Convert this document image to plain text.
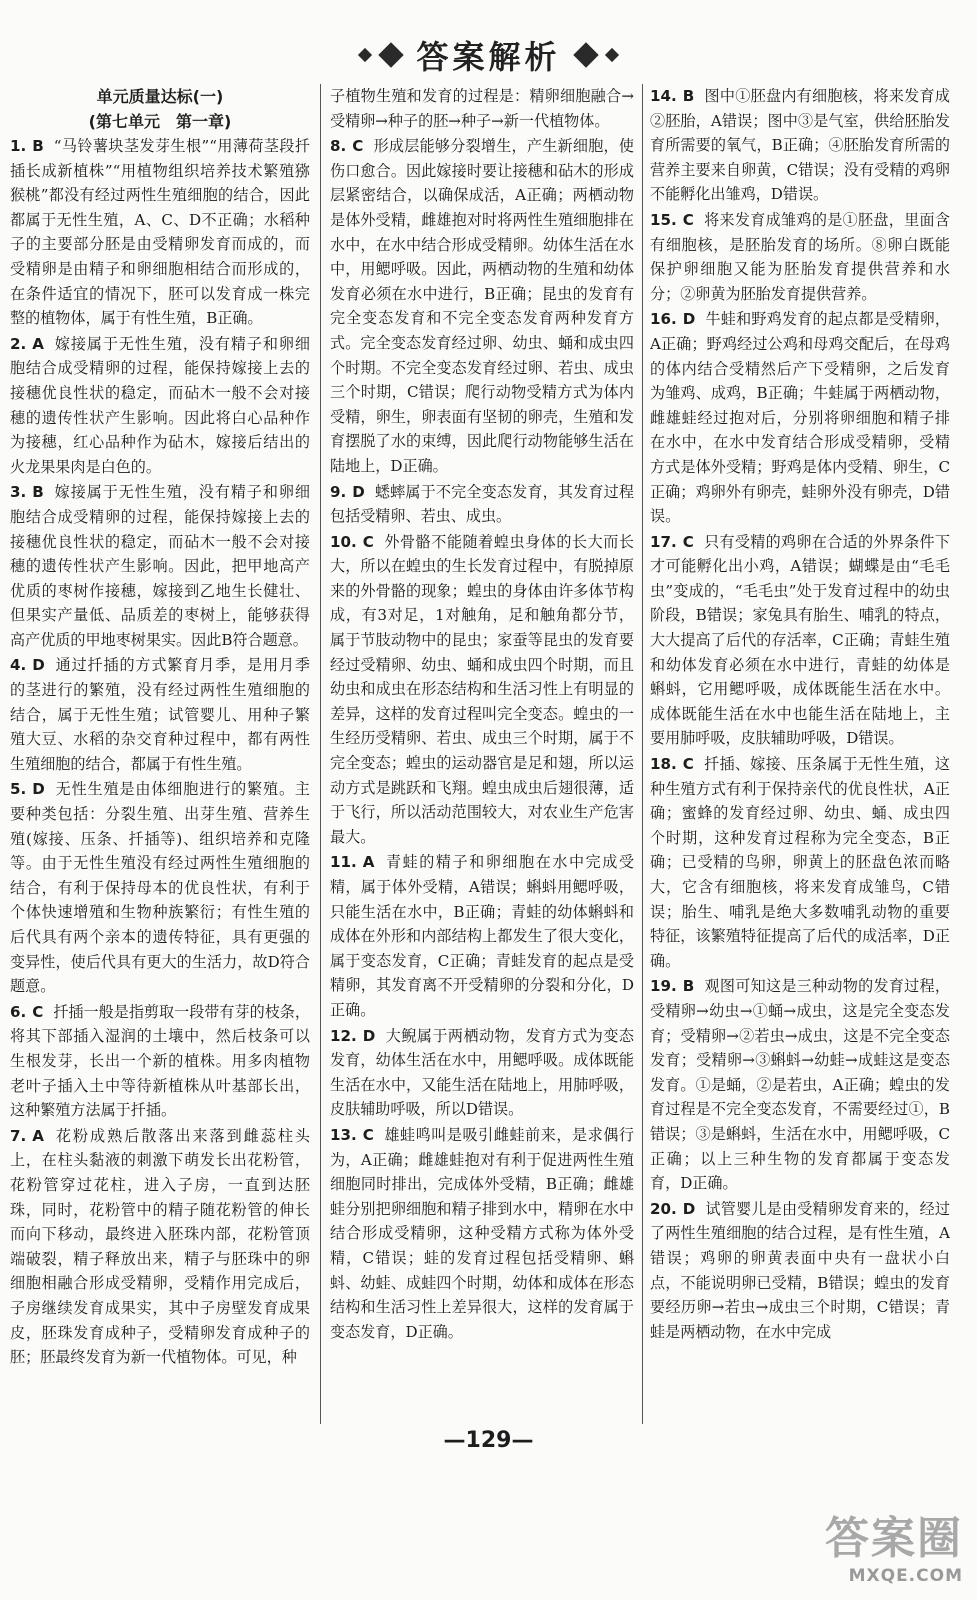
答案解析
单元质量达标(一)
(第七单元　第一章)
1. B “马铃薯块茎发芽生根”“用薄荷茎段扦插长成新植株”“用植物组织培养技术繁殖猕猴桃”都没有经过两性生殖细胞的结合，因此都属于无性生殖，A、C、D不正确；水稻种子的主要部分胚是由受精卵发育而成的，而受精卵是由精子和卵细胞相结合而形成的，在条件适宜的情况下，胚可以发育成一株完整的植物体，属于有性生殖，B正确。
2. A 嫁接属于无性生殖，没有精子和卵细胞结合成受精卵的过程，能保持嫁接上去的接穗优良性状的稳定，而砧木一般不会对接穗的遗传性状产生影响。因此将白心品种作为接穗，红心品种作为砧木，嫁接后结出的火龙果果肉是白色的。
3. B 嫁接属于无性生殖，没有精子和卵细胞结合成受精卵的过程，能保持嫁接上去的接穗优良性状的稳定，而砧木一般不会对接穗的遗传性状产生影响。因此，把甲地高产优质的枣树作接穗，嫁接到乙地生长健壮、但果实产量低、品质差的枣树上，能够获得高产优质的甲地枣树果实。因此B符合题意。
4. D 通过扦插的方式繁育月季，是用月季的茎进行的繁殖，没有经过两性生殖细胞的结合，属于无性生殖；试管婴儿、用种子繁殖大豆、水稻的杂交育种过程中，都有两性生殖细胞的结合，都属于有性生殖。
5. D 无性生殖是由体细胞进行的繁殖。主要种类包括：分裂生殖、出芽生殖、营养生殖(嫁接、压条、扦插等)、组织培养和克隆等。由于无性生殖没有经过两性生殖细胞的结合，有利于保持母本的优良性状，有利于个体快速增殖和生物种族繁衍；有性生殖的后代具有两个亲本的遗传特征，具有更强的变异性，使后代具有更大的生活力，故D符合题意。
6. C 扦插一般是指剪取一段带有芽的枝条，将其下部插入湿润的土壤中，然后枝条可以生根发芽，长出一个新的植株。用多肉植物老叶子插入土中等待新植株从叶基部长出，这种繁殖方法属于扦插。
7. A 花粉成熟后散落出来落到雌蕊柱头上，在柱头黏液的刺激下萌发长出花粉管，花粉管穿过花柱，进入子房，一直到达胚珠，同时，花粉管中的精子随花粉管的伸长而向下移动，最终进入胚珠内部，花粉管顶端破裂，精子释放出来，精子与胚珠中的卵细胞相融合形成受精卵，受精作用完成后，子房继续发育成果实，其中子房壁发育成果皮，胚珠发育成种子，受精卵发育成种子的胚；胚最终发育为新一代植物体。可见，种
子植物生殖和发育的过程是：精卵细胞融合→受精卵→种子的胚→种子→新一代植物体。
8. C 形成层能够分裂增生，产生新细胞，使伤口愈合。因此嫁接时要让接穗和砧木的形成层紧密结合，以确保成活，A正确；两栖动物是体外受精，雌雄抱对时将两性生殖细胞排在水中，在水中结合形成受精卵。幼体生活在水中，用鳃呼吸。因此，两栖动物的生殖和幼体发育必须在水中进行，B正确；昆虫的发育有完全变态发育和不完全变态发育两种发育方式。完全变态发育经过卵、幼虫、蛹和成虫四个时期。不完全变态发育经过卵、若虫、成虫三个时期，C错误；爬行动物受精方式为体内受精，卵生，卵表面有坚韧的卵壳，生殖和发育摆脱了水的束缚，因此爬行动物能够生活在陆地上，D正确。
9. D 蟋蟀属于不完全变态发育，其发育过程包括受精卵、若虫、成虫。
10. C 外骨骼不能随着蝗虫身体的长大而长大，所以在蝗虫的生长发育过程中，有脱掉原来的外骨骼的现象；蝗虫的身体由许多体节构成，有3对足，1对触角，足和触角都分节，属于节肢动物中的昆虫；家蚕等昆虫的发育要经过受精卵、幼虫、蛹和成虫四个时期，而且幼虫和成虫在形态结构和生活习性上有明显的差异，这样的发育过程叫完全变态。蝗虫的一生经历受精卵、若虫、成虫三个时期，属于不完全变态；蝗虫的运动器官是足和翅，所以运动方式是跳跃和飞翔。蝗虫成虫后翅很薄，适于飞行，所以活动范围较大，对农业生产危害最大。
11. A 青蛙的精子和卵细胞在水中完成受精，属于体外受精，A错误；蝌蚪用鳃呼吸，只能生活在水中，B正确；青蛙的幼体蝌蚪和成体在外形和内部结构上都发生了很大变化，属于变态发育，C正确；青蛙发育的起点是受精卵，其发育离不开受精卵的分裂和分化，D正确。
12. D 大鲵属于两栖动物，发育方式为变态发育，幼体生活在水中，用鳃呼吸。成体既能生活在水中，又能生活在陆地上，用肺呼吸，皮肤辅助呼吸，所以D错误。
13. C 雄蛙鸣叫是吸引雌蛙前来，是求偶行为，A正确；雌雄蛙抱对有利于促进两性生殖细胞同时排出，完成体外受精，B正确；雌雄蛙分别把卵细胞和精子排到水中，精卵在水中结合形成受精卵，这种受精方式称为体外受精，C错误；蛙的发育过程包括受精卵、蝌蚪、幼蛙、成蛙四个时期，幼体和成体在形态结构和生活习性上差异很大，这样的发育属于变态发育，D正确。
14. B 图中①胚盘内有细胞核，将来发育成②胚胎，A错误；图中③是气室，供给胚胎发育所需要的氧气，B正确；④胚胎发育所需的营养主要来自卵黄，C错误；没有受精的鸡卵不能孵化出雏鸡，D错误。
15. C 将来发育成雏鸡的是①胚盘，里面含有细胞核，是胚胎发育的场所。⑧卵白既能保护卵细胞又能为胚胎发育提供营养和水分；②卵黄为胚胎发育提供营养。
16. D 牛蛙和野鸡发育的起点都是受精卵，A正确；野鸡经过公鸡和母鸡交配后，在母鸡的体内结合受精然后产下受精卵，之后发育为雏鸡、成鸡，B正确；牛蛙属于两栖动物，雌雄蛙经过抱对后，分别将卵细胞和精子排在水中，在水中发育结合形成受精卵，受精方式是体外受精；野鸡是体内受精、卵生，C正确；鸡卵外有卵壳，蛙卵外没有卵壳，D错误。
17. C 只有受精的鸡卵在合适的外界条件下才可能孵化出小鸡，A错误；蝴蝶是由“毛毛虫”变成的，“毛毛虫”处于发育过程中的幼虫阶段，B错误；家兔具有胎生、哺乳的特点，大大提高了后代的存活率，C正确；青蛙生殖和幼体发育必须在水中进行，青蛙的幼体是蝌蚪，它用鳃呼吸，成体既能生活在水中。成体既能生活在水中也能生活在陆地上，主要用肺呼吸，皮肤辅助呼吸，D错误。
18. C 扦插、嫁接、压条属于无性生殖，这种生殖方式有利于保持亲代的优良性状，A正确；蜜蜂的发育经过卵、幼虫、蛹、成虫四个时期，这种发育过程称为完全变态，B正确；已受精的鸟卵，卵黄上的胚盘色浓而略大，它含有细胞核，将来发育成雏鸟，C错误；胎生、哺乳是绝大多数哺乳动物的重要特征，该繁殖特征提高了后代的成活率，D正确。
19. B 观图可知这是三种动物的发育过程，受精卵→幼虫→①蛹→成虫，这是完全变态发育；受精卵→②若虫→成虫，这是不完全变态发育；受精卵→③蝌蚪→幼蛙→成蛙这是变态发育。①是蛹，②是若虫，A正确；蝗虫的发育过程是不完全变态发育，不需要经过①，B错误；③是蝌蚪，生活在水中，用鳃呼吸，C正确；以上三种生物的发育都属于变态发育，D正确。
20. D 试管婴儿是由受精卵发育来的，经过了两性生殖细胞的结合过程，是有性生殖，A错误；鸡卵的卵黄表面中央有一盘状小白点，不能说明卵已受精，B错误；蝗虫的发育要经历卵→若虫→成虫三个时期，C错误；青蛙是两栖动物，在水中完成
—129—
答案圈
MXQE.COM
